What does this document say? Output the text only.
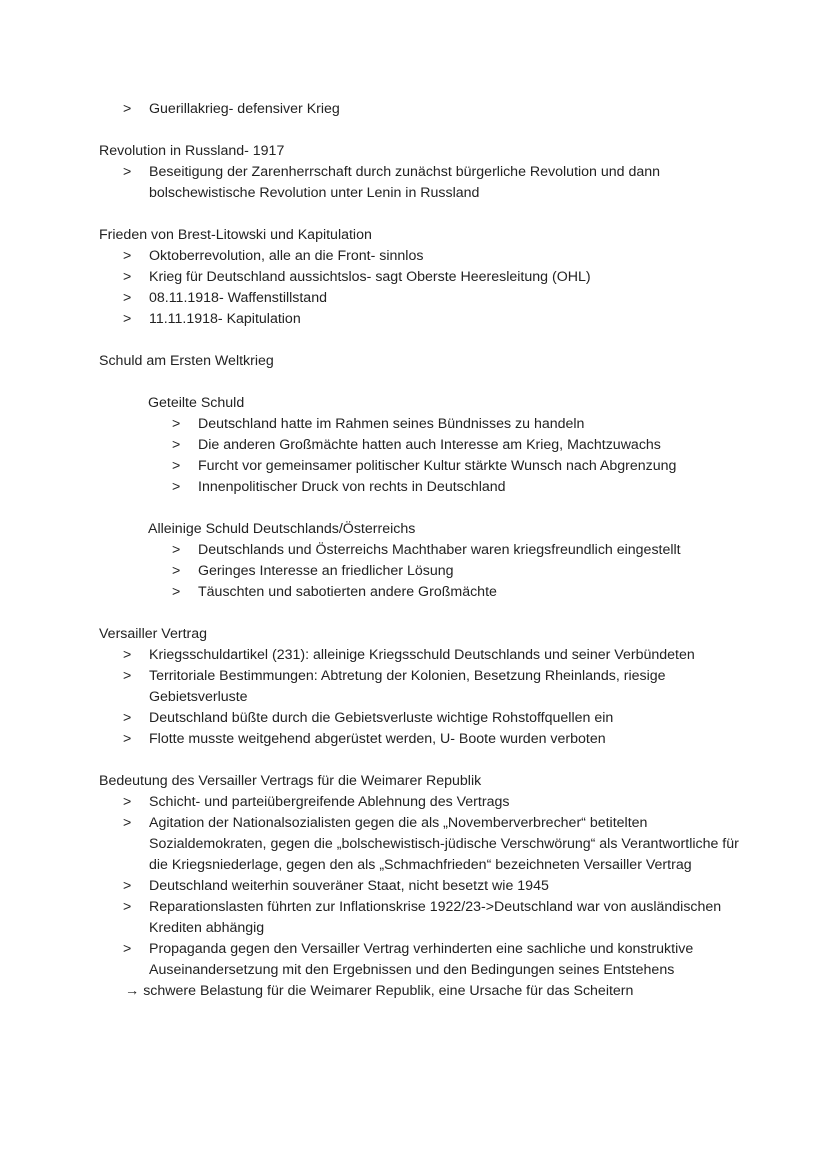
> Guerillakrieg- defensiver Krieg

Revolution in Russland- 1917

> Beseitigung der Zarenherrschaft durch zunächst bürgerliche Revolution und dann bolschewistische Revolution unter Lenin in Russland

Frieden von Brest-Litowski und Kapitulation

> Oktoberrevolution, alle an die Front- sinnlos
> Krieg für Deutschland aussichtslos- sagt Oberste Heeresleitung (OHL)
> 08.11.1918- Waffenstillstand
> 11.11.1918- Kapitulation

Schuld am Ersten Weltkrieg

Geteilte Schuld

> Deutschland hatte im Rahmen seines Bündnisses zu handeln
> Die anderen Großmächte hatten auch Interesse am Krieg, Machtzuwachs
> Furcht vor gemeinsamer politischer Kultur stärkte Wunsch nach Abgrenzung
> Innenpolitischer Druck von rechts in Deutschland

Alleinige Schuld Deutschlands/Österreichs

> Deutschlands und Österreichs Machthaber waren kriegsfreundlich eingestellt
> Geringes Interesse an friedlicher Lösung
> Täuschten und sabotierten andere Großmächte

Versailler Vertrag

> Kriegsschuldartikel (231): alleinige Kriegsschuld Deutschlands und seiner Verbündeten
> Territoriale Bestimmungen: Abtretung der Kolonien, Besetzung Rheinlands, riesige Gebietsverluste
> Deutschland büßte durch die Gebietsverluste wichtige Rohstoffquellen ein
> Flotte musste weitgehend abgerüstet werden, U- Boote wurden verboten

Bedeutung des Versailler Vertrags für die Weimarer Republik

> Schicht- und parteiübergreifende Ablehnung des Vertrags
> Agitation der Nationalsozialisten gegen die als „Novemberverbrecher“ betitelten Sozialdemokraten, gegen die „bolschewistisch-jüdische Verschwörung“ als Verantwortliche für die Kriegsniederlage, gegen den als „Schmachfrieden“ bezeichneten Versailler Vertrag
> Deutschland weiterhin souveräner Staat, nicht besetzt wie 1945
> Reparationslasten führten zur Inflationskrise 1922/23->Deutschland war von ausländischen Krediten abhängig
> Propaganda gegen den Versailler Vertrag verhinderten eine sachliche und konstruktive Auseinandersetzung mit den Ergebnissen und den Bedingungen seines Entstehens

→ schwere Belastung für die Weimarer Republik, eine Ursache für das Scheitern
